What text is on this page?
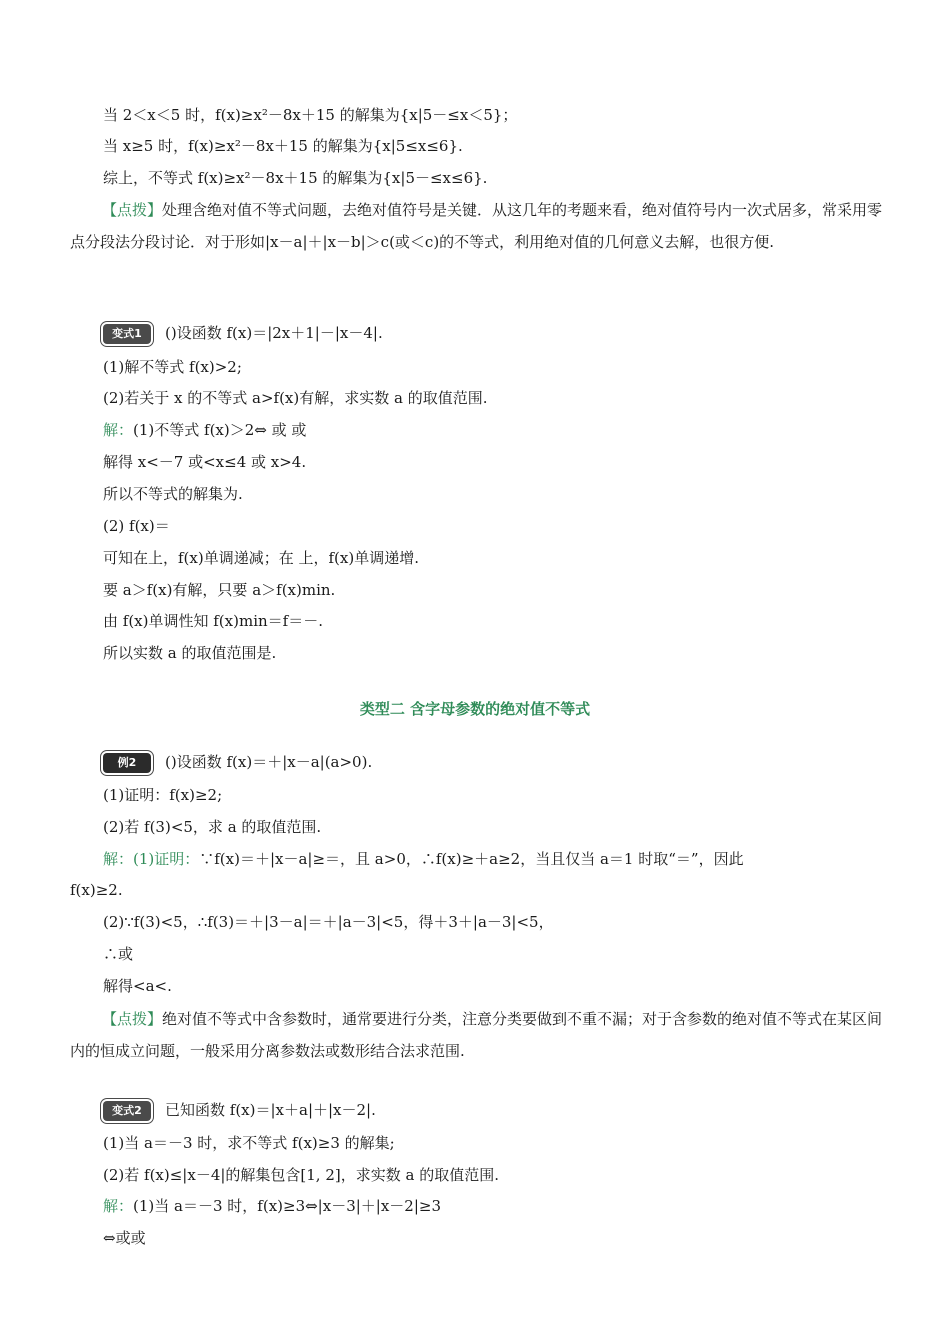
当 2＜x＜5 时，f(x)≥x²－8x＋15 的解集为{x|5－≤x＜5}；
当 x≥5 时，f(x)≥x²－8x＋15 的解集为{x|5≤x≤6}.
综上，不等式 f(x)≥x²－8x＋15 的解集为{x|5－≤x≤6}.
【点拨】处理含绝对值不等式问题，去绝对值符号是关键．从这几年的考题来看，绝对值符号内一次式居多，常采用零点分段法分段讨论．对于形如|x－a|＋|x－b|＞c(或＜c)的不等式，利用绝对值的几何意义去解，也很方便.
变式1 ()设函数 f(x)＝|2x＋1|－|x－4|.
(1)解不等式 f(x)>2;
(2)若关于 x 的不等式 a>f(x)有解，求实数 a 的取值范围.
解：(1)不等式 f(x)＞2⇔ 或 或
解得 x<－7 或<x≤4 或 x>4.
所以不等式的解集为.
(2) f(x)＝
可知在上，f(x)单调递减；在 上，f(x)单调递增.
要 a＞f(x)有解，只要 a＞f(x)min.
由 f(x)单调性知 f(x)min＝f＝－.
所以实数 a 的取值范围是.
类型二 含字母参数的绝对值不等式
例2 ()设函数 f(x)＝＋|x－a|(a>0).
(1)证明：f(x)≥2;
(2)若 f(3)<5，求 a 的取值范围.
解：(1)证明：∵f(x)＝＋|x－a|≥＝，且 a>0，∴f(x)≥＋a≥2，当且仅当 a＝1 时取“＝”，因此
f(x)≥2.
(2)∵f(3)<5，∴f(3)＝＋|3－a|＝＋|a－3|<5，得＋3＋|a－3|<5，
∴或
解得<a<.
【点拨】绝对值不等式中含参数时，通常要进行分类，注意分类要做到不重不漏；对于含参数的绝对值不等式在某区间内的恒成立问题，一般采用分离参数法或数形结合法求范围.
变式2 已知函数 f(x)＝|x＋a|＋|x－2|.
(1)当 a＝－3 时，求不等式 f(x)≥3 的解集;
(2)若 f(x)≤|x－4|的解集包含[1, 2]，求实数 a 的取值范围.
解：(1)当 a＝－3 时，f(x)≥3⇔|x－3|＋|x－2|≥3
⇔或或
